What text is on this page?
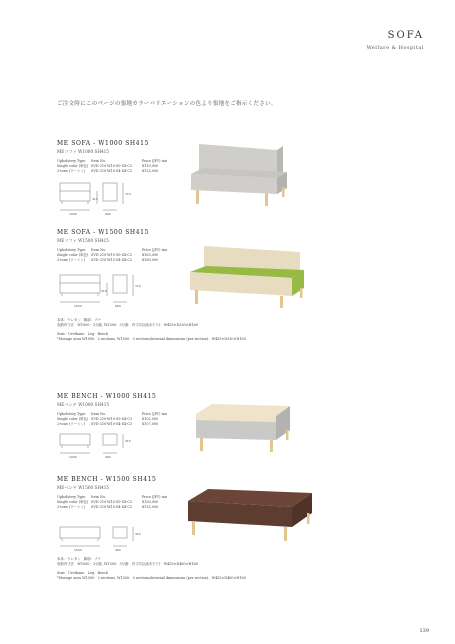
SOFA
Welfare & Hospital
ご注文時にこのページの張地カラーバリエーションの色より張地をご指示ください。
ME SOFA - W1000 SH415
MEソファ W1000 SH415
Upholstery Type	Item No.	Price (JPY) tax
Single color (単色) SVD-210-W10-S5-S4-C3	¥119,000
2-tone (ツートン)	SVD-210-W10-S4-S4-C3	¥125,000
1000	660
415
710
ME SOFA - W1500 SH415
MEソファ W1500 SH415
Upholstery Type	Item No.	Price (JPY) tax
Single color (単色) SVD-210-W15-S5-S4-C3	¥163,000
2-tone (ツートン)	SVD-210-W15-S4-S4-C3	¥169,000
1500	660
415
710
本体：ウレタン　脚部：ブナ
収納内寸法　W1000：2分割, W1500：3分割　内寸(1区画あたり)：W455×D330×H160
Seat：Urethane　Leg：Beech
*Storage area W1000：2 sections, W1500：3 sections/Internal dimensions (per section)：W455×D330×H160
ME BENCH - W1000 SH415
MEベンチ W1000 SH415
Upholstery Type	Item No.	Price (JPY) tax
Single color (単色) SVD-210-W10-S5-S4-C3	¥102,000
2-tone (ツートン)	SVD-210-W10-S4-S4-C3	¥107,000
1000	460
415
ME BENCH - W1500 SH415
MEベンチ W1500 SH415
Upholstery Type	Item No.	Price (JPY) tax
Single color (単色) SVD-210-W15-S5-S4-C3	¥130,000
2-tone (ツートン)	SVD-210-W15-S4-S4-C3	¥135,000
1500	460
415
本体：ウレタン　脚部：ブナ
収納内寸法　W1000：2分割, W1500：3分割　内寸(1区画あたり)：W455×D460×H160
Seat：Urethane　Leg：Beech
*Storage area W1000：2 sections, W1500：3 sections/Internal dimensions (per section)：W455×D460×H160
139
